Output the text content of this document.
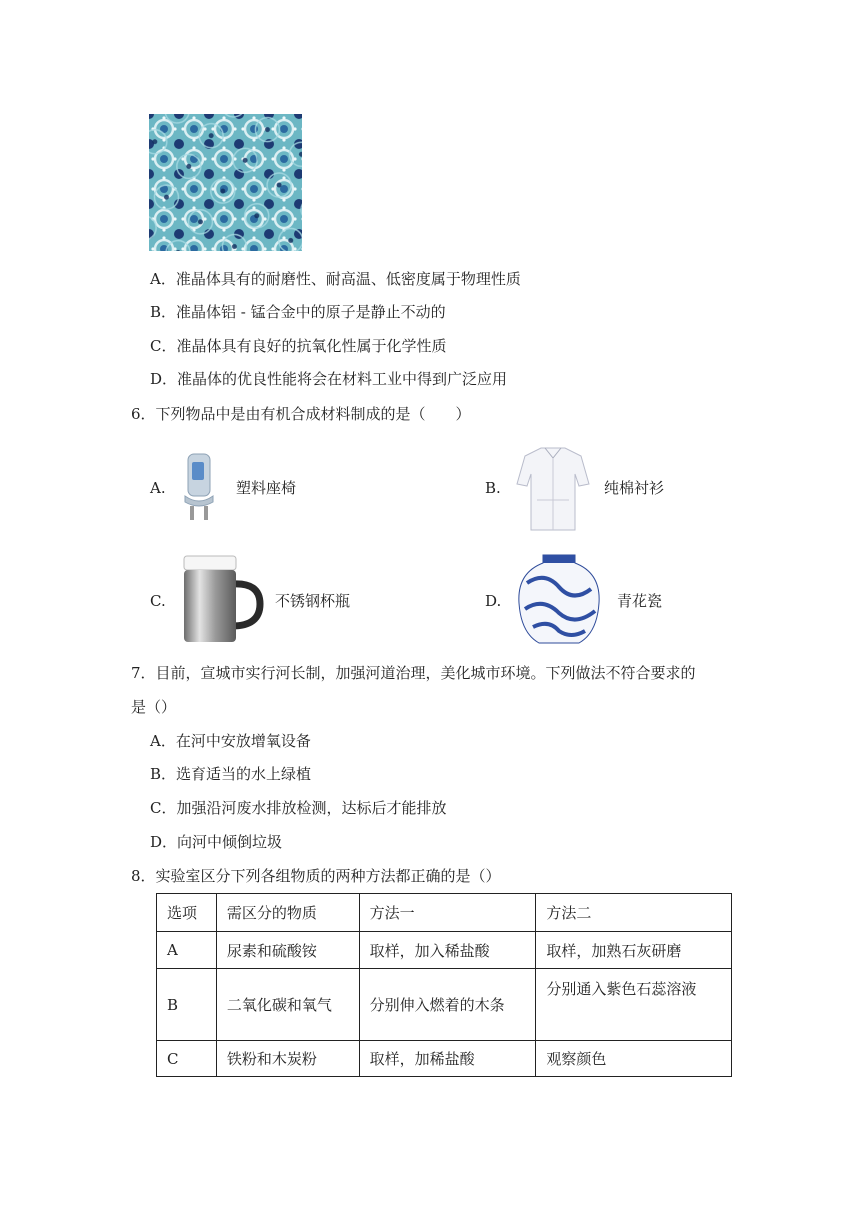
A．准晶体具有的耐磨性、耐高温、低密度属于物理性质
B．准晶体铝 - 锰合金中的原子是静止不动的
C．准晶体具有良好的抗氧化性属于化学性质
D．准晶体的优良性能将会在材料工业中得到广泛应用
6．下列物品中是由有机合成材料制成的是（　　）
A.	塑料座椅	B.	纯棉衬衫
C.	不锈钢杯瓶	D.	青花瓷
7．目前，宣城市实行河长制，加强河道治理，美化城市环境。下列做法不符合要求的
是（）
A．在河中安放增氧设备
B．选育适当的水上绿植
C．加强沿河废水排放检测，达标后才能排放
D．向河中倾倒垃圾
8．实验室区分下列各组物质的两种方法都正确的是（）
选项	需区分的物质	方法一	方法二
A	尿素和硫酸铵	取样，加入稀盐酸	取样，加熟石灰研磨
B	二氧化碳和氧气	分别伸入燃着的木条	分别通入紫色石蕊溶液
C	铁粉和木炭粉	取样，加稀盐酸	观察颜色
